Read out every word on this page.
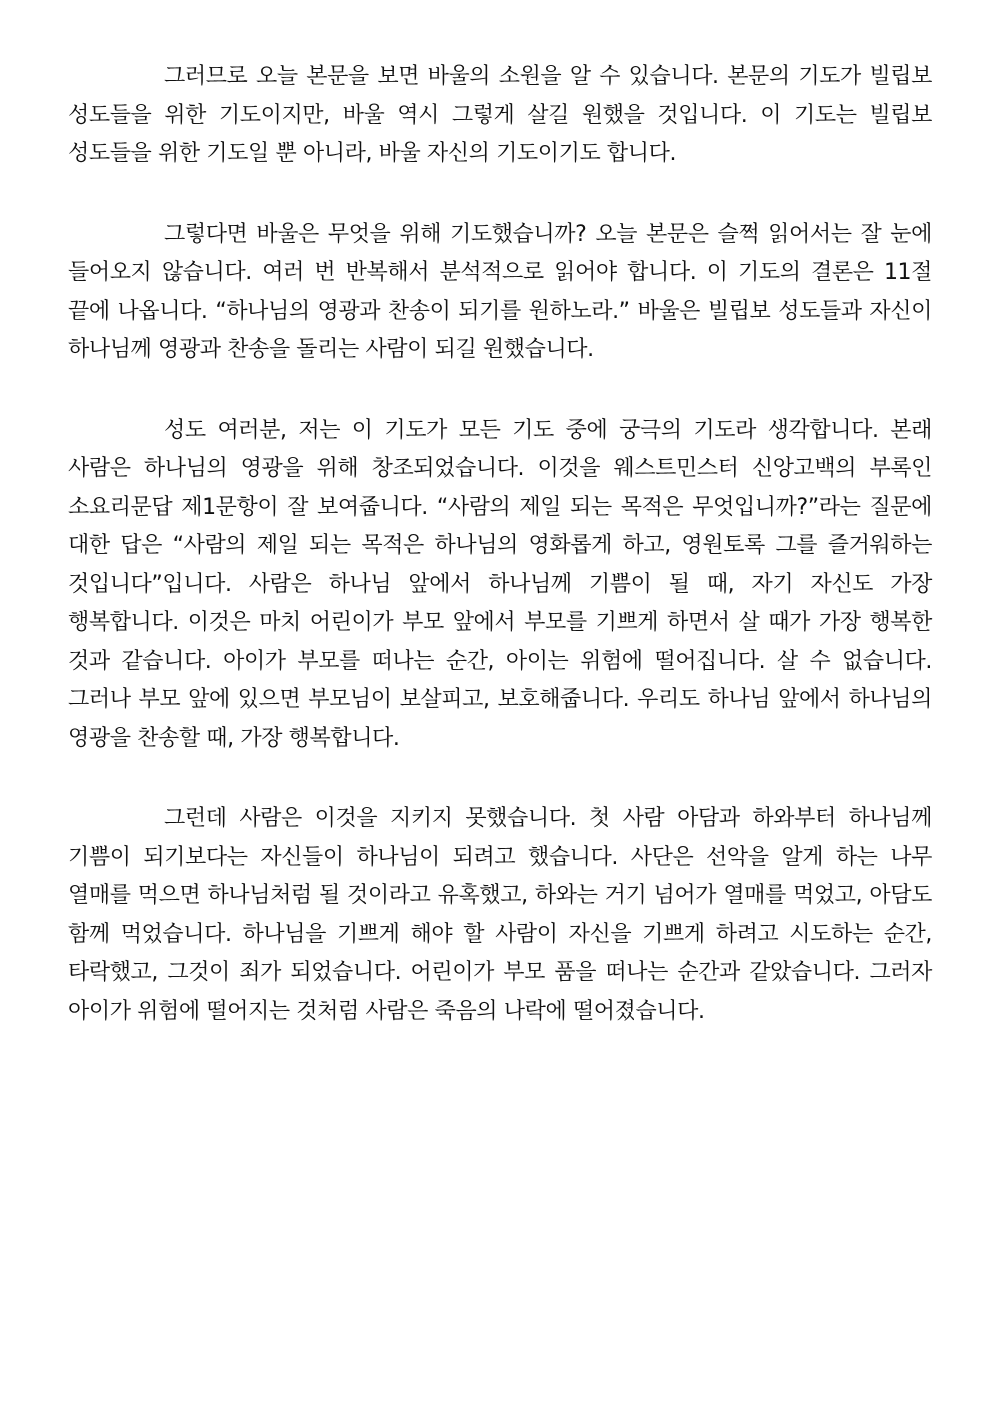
그러므로 오늘 본문을 보면 바울의 소원을 알 수 있습니다. 본문의 기도가 빌립보 성도들을 위한 기도이지만, 바울 역시 그렇게 살길 원했을 것입니다. 이 기도는 빌립보 성도들을 위한 기도일 뿐 아니라, 바울 자신의 기도이기도 합니다.

그렇다면 바울은 무엇을 위해 기도했습니까? 오늘 본문은 슬쩍 읽어서는 잘 눈에 들어오지 않습니다. 여러 번 반복해서 분석적으로 읽어야 합니다. 이 기도의 결론은 11절 끝에 나옵니다. “하나님의 영광과 찬송이 되기를 원하노라.” 바울은 빌립보 성도들과 자신이 하나님께 영광과 찬송을 돌리는 사람이 되길 원했습니다.

성도 여러분, 저는 이 기도가 모든 기도 중에 궁극의 기도라 생각합니다. 본래 사람은 하나님의 영광을 위해 창조되었습니다. 이것을 웨스트민스터 신앙고백의 부록인 소요리문답 제1문항이 잘 보여줍니다. “사람의 제일 되는 목적은 무엇입니까?”라는 질문에 대한 답은 “사람의 제일 되는 목적은 하나님의 영화롭게 하고, 영원토록 그를 즐거워하는 것입니다”입니다. 사람은 하나님 앞에서 하나님께 기쁨이 될 때, 자기 자신도 가장 행복합니다. 이것은 마치 어린이가 부모 앞에서 부모를 기쁘게 하면서 살 때가 가장 행복한 것과 같습니다. 아이가 부모를 떠나는 순간, 아이는 위험에 떨어집니다. 살 수 없습니다. 그러나 부모 앞에 있으면 부모님이 보살피고, 보호해줍니다. 우리도 하나님 앞에서 하나님의 영광을 찬송할 때, 가장 행복합니다.

그런데 사람은 이것을 지키지 못했습니다. 첫 사람 아담과 하와부터 하나님께 기쁨이 되기보다는 자신들이 하나님이 되려고 했습니다. 사단은 선악을 알게 하는 나무 열매를 먹으면 하나님처럼 될 것이라고 유혹했고, 하와는 거기 넘어가 열매를 먹었고, 아담도 함께 먹었습니다. 하나님을 기쁘게 해야 할 사람이 자신을 기쁘게 하려고 시도하는 순간, 타락했고, 그것이 죄가 되었습니다. 어린이가 부모 품을 떠나는 순간과 같았습니다. 그러자 아이가 위험에 떨어지는 것처럼 사람은 죽음의 나락에 떨어졌습니다.
